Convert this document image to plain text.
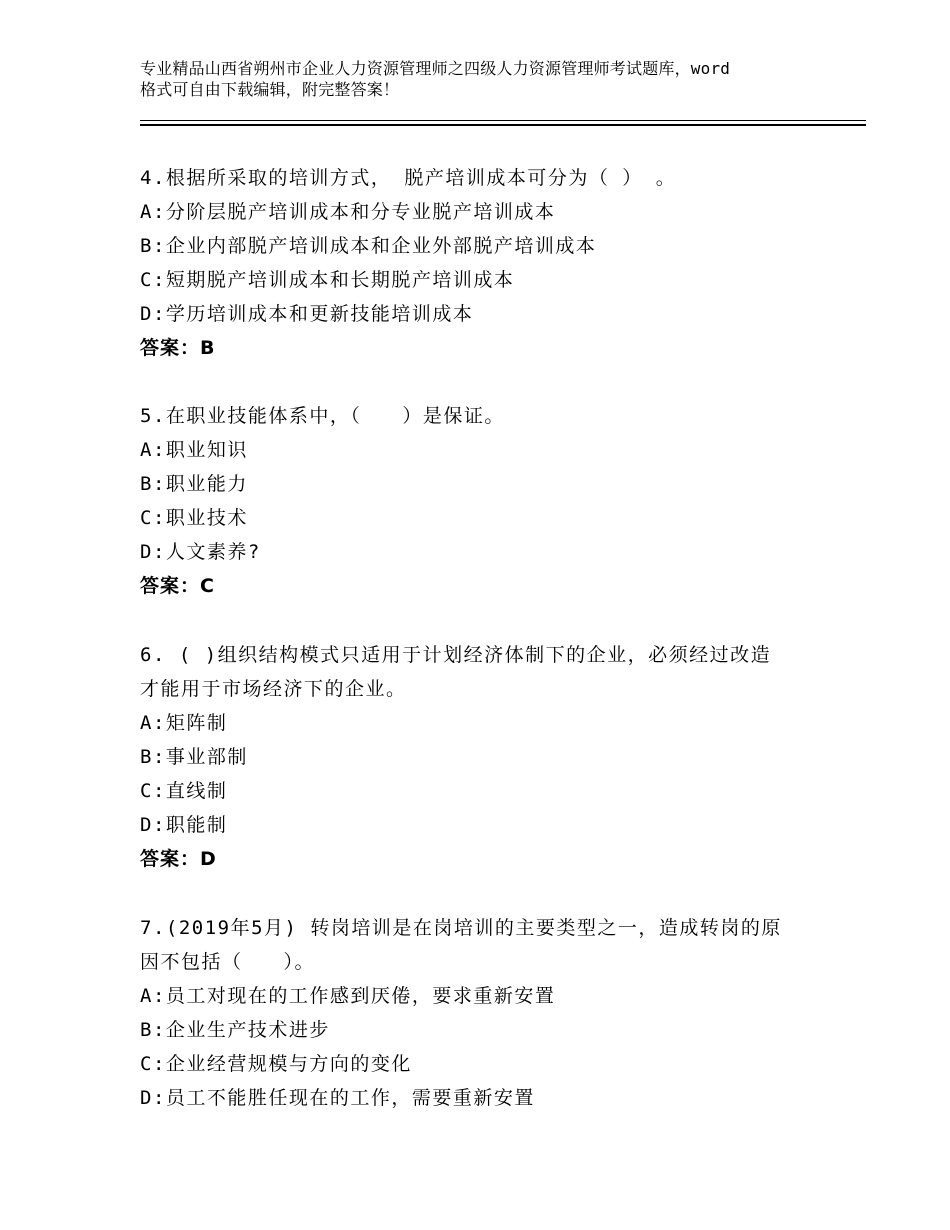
专业精品山西省朔州市企业人力资源管理师之四级人力资源管理师考试题库，word
格式可自由下载编辑，附完整答案！
4.根据所采取的培训方式， 脱产培训成本可分为（ ） 。
A:分阶层脱产培训成本和分专业脱产培训成本
B:企业内部脱产培训成本和企业外部脱产培训成本
C:短期脱产培训成本和长期脱产培训成本
D:学历培训成本和更新技能培训成本
答案：B
5.在职业技能体系中，（　　）是保证。
A:职业知识
B:职业能力
C:职业技术
D:人文素养?
答案：C
6. ( )组织结构模式只适用于计划经济体制下的企业，必须经过改造
才能用于市场经济下的企业。
A:矩阵制
B:事业部制
C:直线制
D:职能制
答案：D
7.(2019年5月) 转岗培训是在岗培训的主要类型之一，造成转岗的原
因不包括（　　）。
A:员工对现在的工作感到厌倦，要求重新安置
B:企业生产技术进步
C:企业经营规模与方向的变化
D:员工不能胜任现在的工作，需要重新安置
